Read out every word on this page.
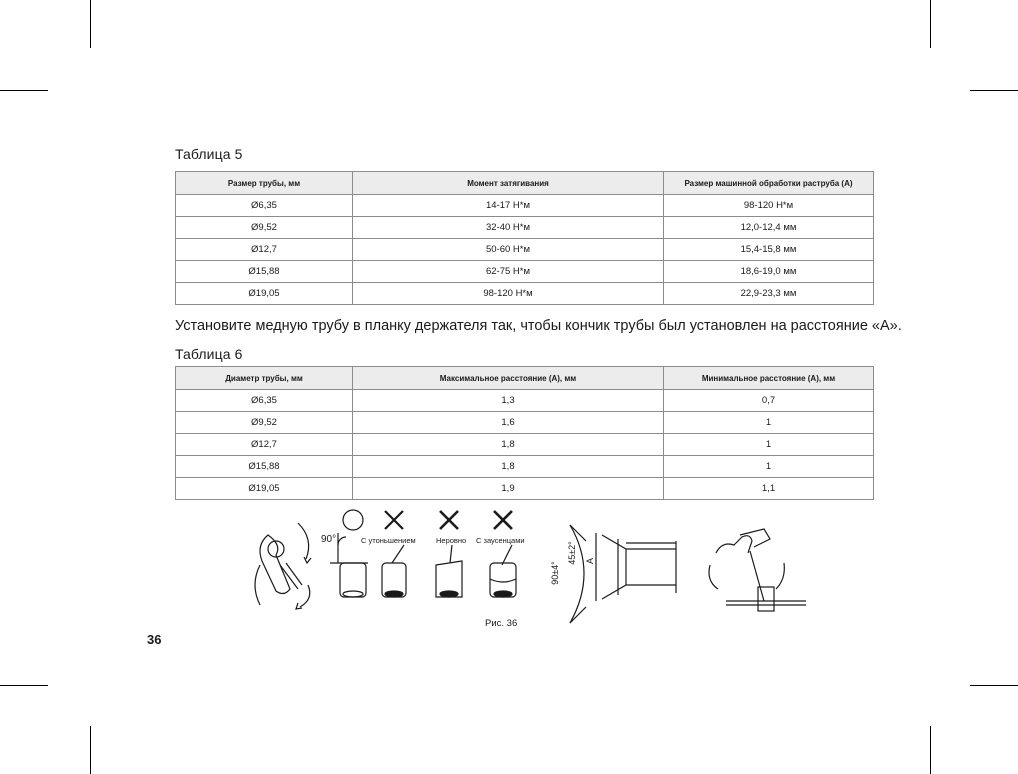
Таблица 5
Размер трубы, мм	Момент затягивания	Размер машинной обработки раструба (A)
Ø6,35	14-17 Н*м	98-120 Н*м
Ø9,52	32-40 Н*м	12,0-12,4 мм
Ø12,7	50-60 Н*м	15,4-15,8 мм
Ø15,88	62-75 Н*м	18,6-19,0 мм
Ø19,05	98-120 Н*м	22,9-23,3 мм
Установите медную трубу в планку держателя так, чтобы кончик трубы был установлен на расстояние «А».
Таблица 6
Диаметр трубы, мм	Максимальное расстояние (A), мм	Минимальное расстояние (A), мм
Ø6,35	1,3	0,7
Ø9,52	1,6	1
Ø12,7	1,8	1
Ø15,88	1,8	1
Ø19,05	1,9	1,1
90°	С утоньшением	Неровно С заусенцами
45±2°
90±4°
A
Рис. 36
36
